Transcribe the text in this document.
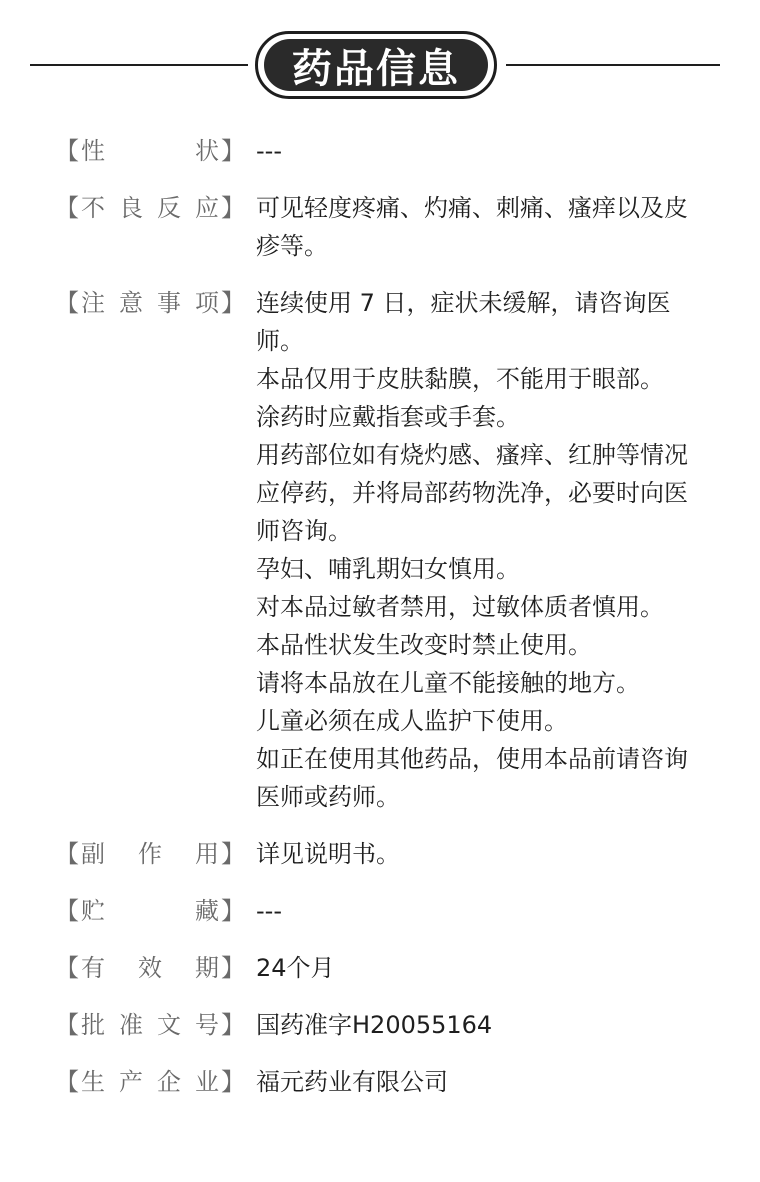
药品信息
【 性状 】 ---

【 不良反应 】 可见轻度疼痛、灼痛、刺痛、瘙痒以及皮疹等。

【 注意事项 】 连续使用 7 日，症状未缓解，请咨询医师。

本品仅用于皮肤黏膜，不能用于眼部。

涂药时应戴指套或手套。

用药部位如有烧灼感、瘙痒、红肿等情况应停药，并将局部药物洗净，必要时向医师咨询。

孕妇、哺乳期妇女慎用。

对本品过敏者禁用，过敏体质者慎用。

本品性状发生改变时禁止使用。

请将本品放在儿童不能接触的地方。

儿童必须在成人监护下使用。

如正在使用其他药品，使用本品前请咨询医师或药师。

【 副作用 】 详见说明书。

【 贮藏 】 ---

【 有效期 】 24个月

【 批准文号 】 国药准字H20055164

【 生产企业 】 福元药业有限公司
